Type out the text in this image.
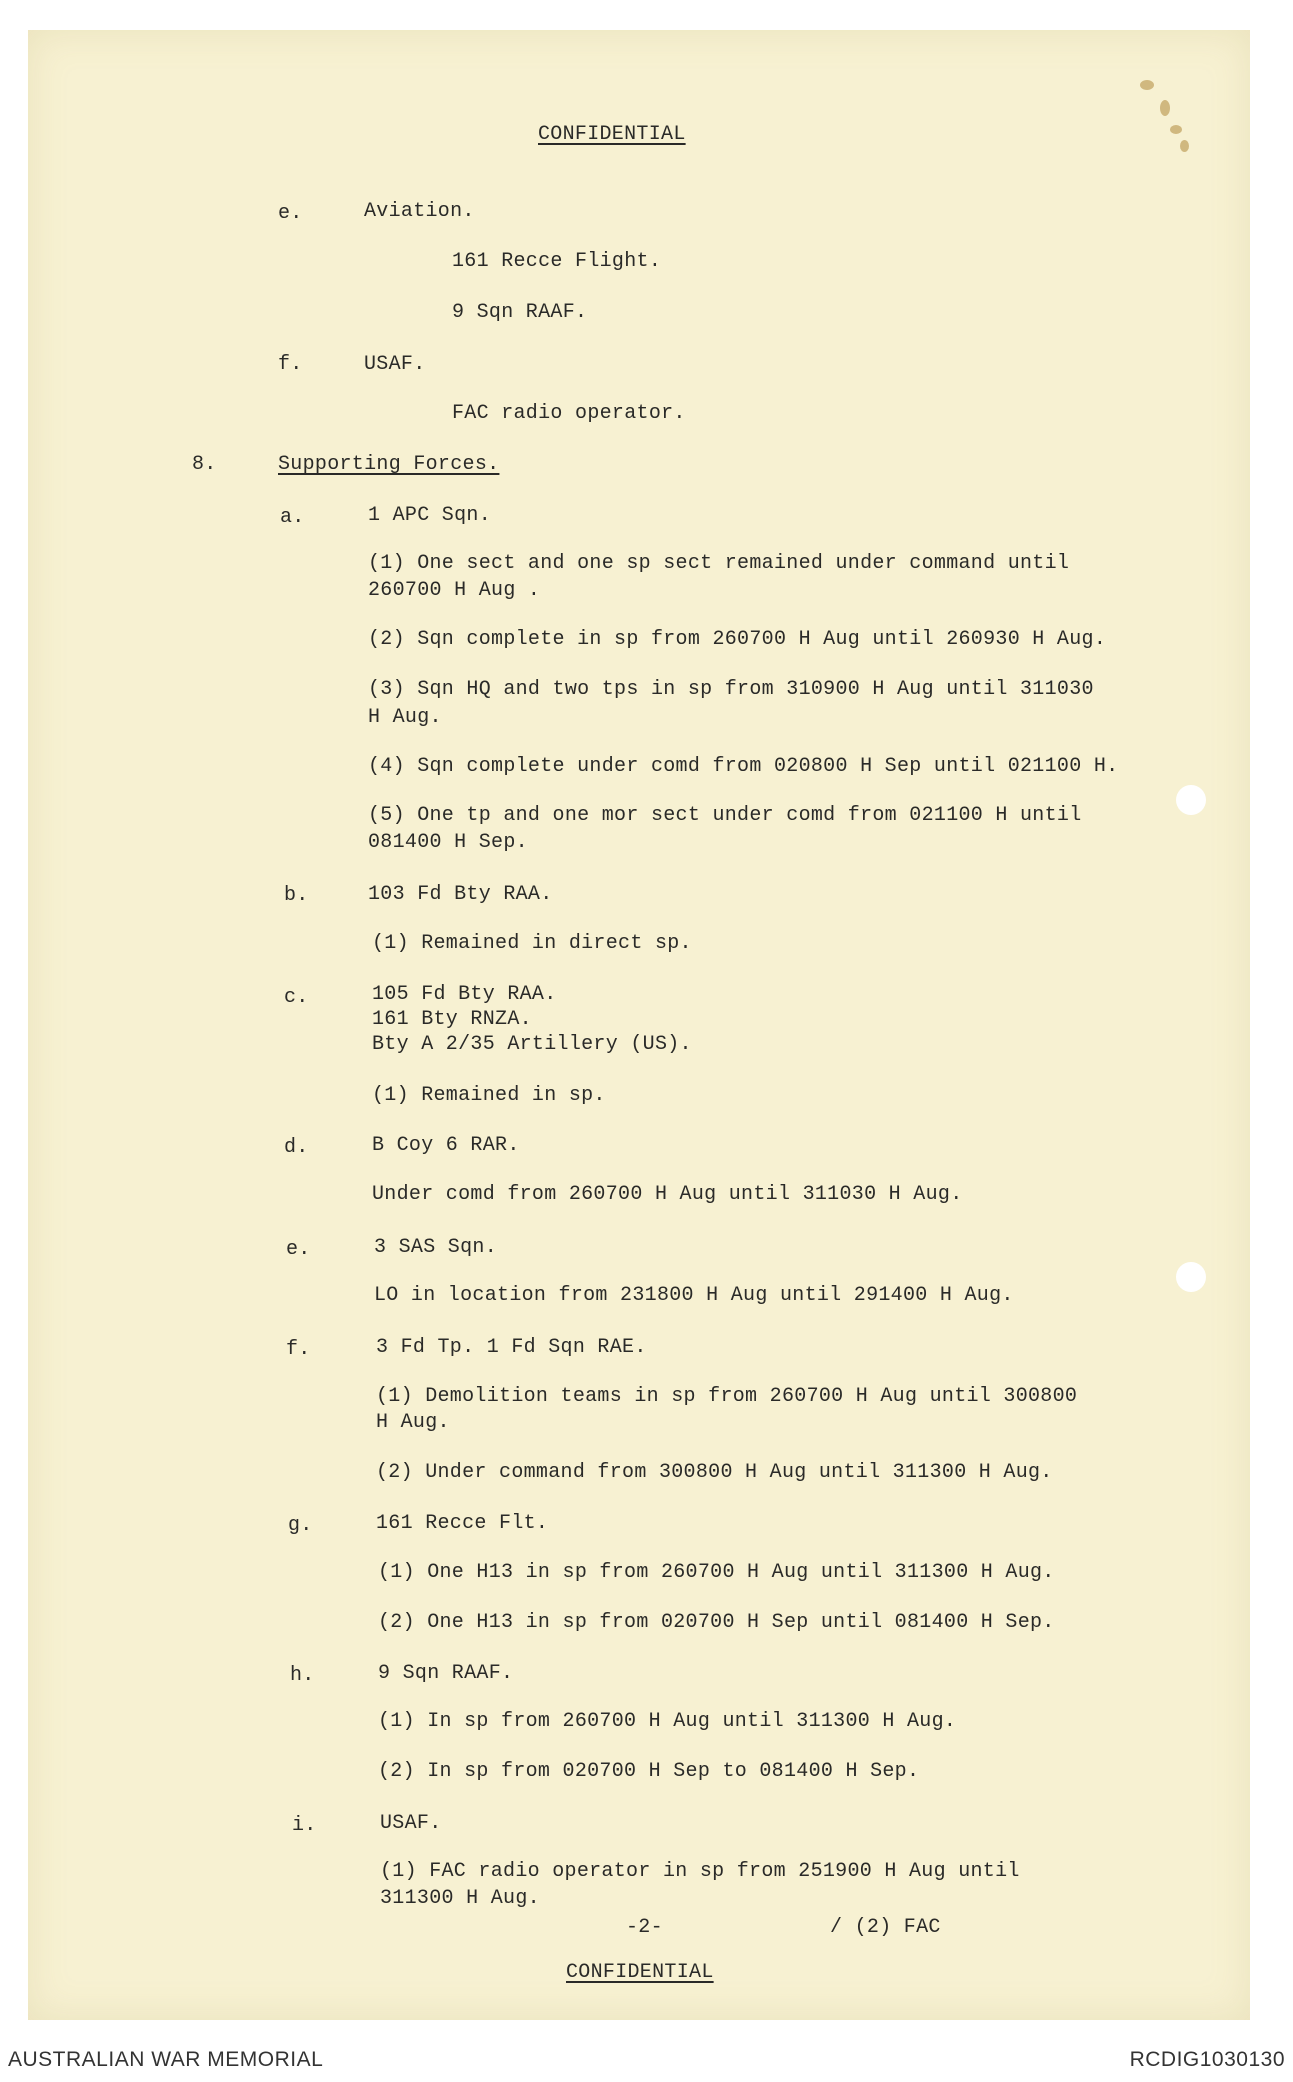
CONFIDENTIAL
e.	Aviation.
161 Recce Flight.
9 Sqn RAAF.
f.	USAF.
FAC radio operator.
8.	Supporting Forces.
a.	1 APC Sqn.
(1) One sect and one sp sect remained under command until
260700 H Aug .
(2) Sqn complete in sp from 260700 H Aug until 260930 H Aug.
(3) Sqn HQ and two tps in sp from 310900 H Aug until 311030
H Aug.
(4) Sqn complete under comd from 020800 H Sep until 021100 H.
(5) One tp and one mor sect under comd from 021100 H until
081400 H Sep.
b.	103 Fd Bty RAA.
(1) Remained in direct sp.
c.	105 Fd Bty RAA.
161 Bty RNZA.
Bty A 2/35 Artillery (US).
(1) Remained in sp.
d.	B Coy 6 RAR.
Under comd from 260700 H Aug until 311030 H Aug.
e.	3 SAS Sqn.
LO in location from 231800 H Aug until 291400 H Aug.
f.	3 Fd Tp. 1 Fd Sqn RAE.
(1) Demolition teams in sp from 260700 H Aug until 300800
H Aug.
(2) Under command from 300800 H Aug until 311300 H Aug.
g.	161 Recce Flt.
(1) One H13 in sp from 260700 H Aug until 311300 H Aug.
(2) One H13 in sp from 020700 H Sep until 081400 H Sep.
h.	9 Sqn RAAF.
(1) In sp from 260700 H Aug until 311300 H Aug.
(2) In sp from 020700 H Sep to 081400 H Sep.
i.	USAF.
(1) FAC radio operator in sp from 251900 H Aug until
311300 H Aug.
-2-	/ (2) FAC
CONFIDENTIAL
AUSTRALIAN WAR MEMORIAL	RCDIG1030130
